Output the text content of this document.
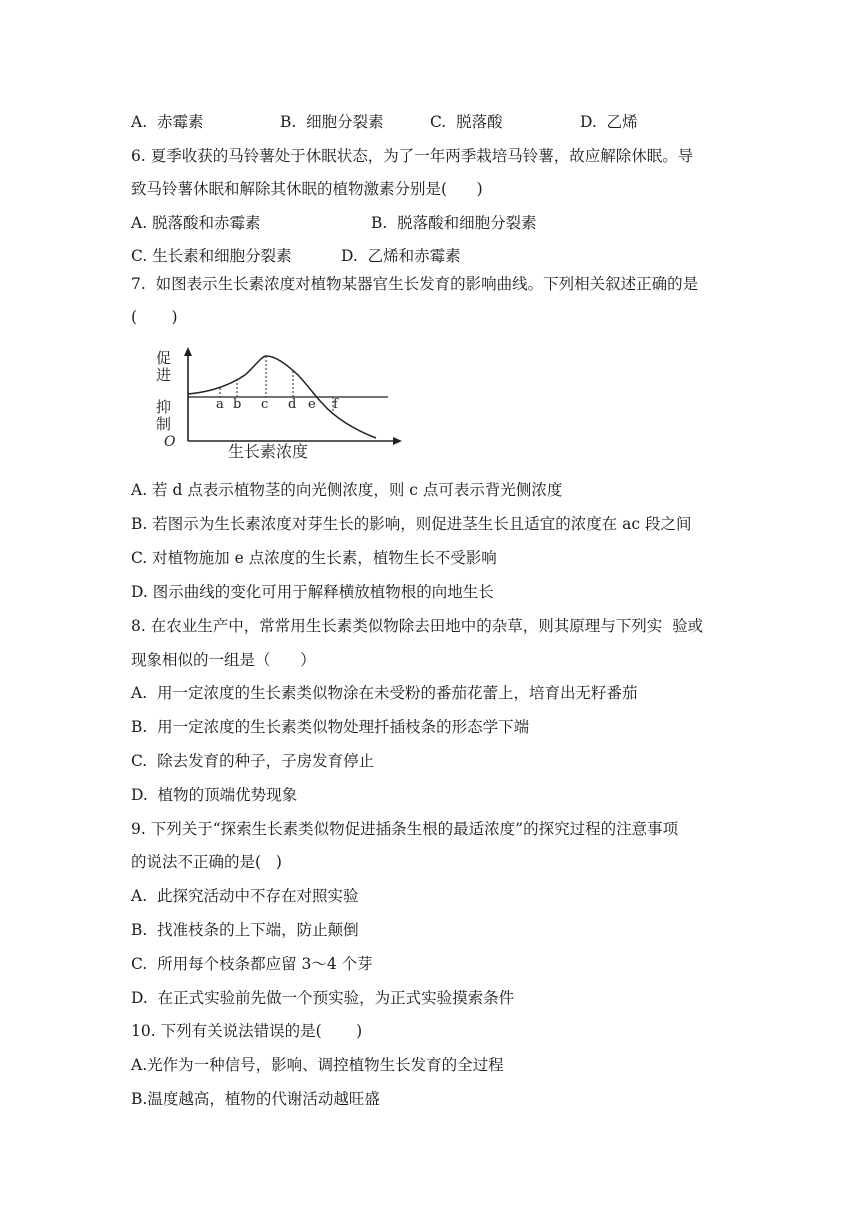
A.  赤霉素	B.  细胞分裂素	C.  脱落酸	D.  乙烯
6. 夏季收获的马铃薯处于休眠状态，为了一年两季栽培马铃薯，故应解除休眠。导
致马铃薯休眠和解除其休眠的植物激素分别是(      )
A. 脱落酸和赤霉素	B.  脱落酸和细胞分裂素
C. 生长素和细胞分裂素	D.  乙烯和赤霉素
7.  如图表示生长素浓度对植物某器官生长发育的影响曲线。下列相关叙述正确的是
(       )
促
进
抑
制
O
a b c d e f
生长素浓度
A. 若 d 点表示植物茎的向光侧浓度，则 c 点可表示背光侧浓度
B. 若图示为生长素浓度对芽生长的影响，则促进茎生长且适宜的浓度在 ac 段之间
C. 对植物施加 e 点浓度的生长素，植物生长不受影响
D. 图示曲线的变化可用于解释横放植物根的向地生长
8. 在农业生产中，常常用生长素类似物除去田地中的杂草，则其原理与下列实  验或
现象相似的一组是（      ）
A.  用一定浓度的生长素类似物涂在未受粉的番茄花蕾上，培育出无籽番茄
B.  用一定浓度的生长素类似物处理扦插枝条的形态学下端
C.  除去发育的种子，子房发育停止
D.  植物的顶端优势现象
9. 下列关于“探索生长素类似物促进插条生根的最适浓度”的探究过程的注意事项
的说法不正确的是(   )
A.  此探究活动中不存在对照实验
B.  找准枝条的上下端，防止颠倒
C.  所用每个枝条都应留 3～4 个芽
D.  在正式实验前先做一个预实验，为正式实验摸索条件
10. 下列有关说法错误的是(       )
A.光作为一种信号，影响、调控植物生长发育的全过程
B.温度越高，植物的代谢活动越旺盛
